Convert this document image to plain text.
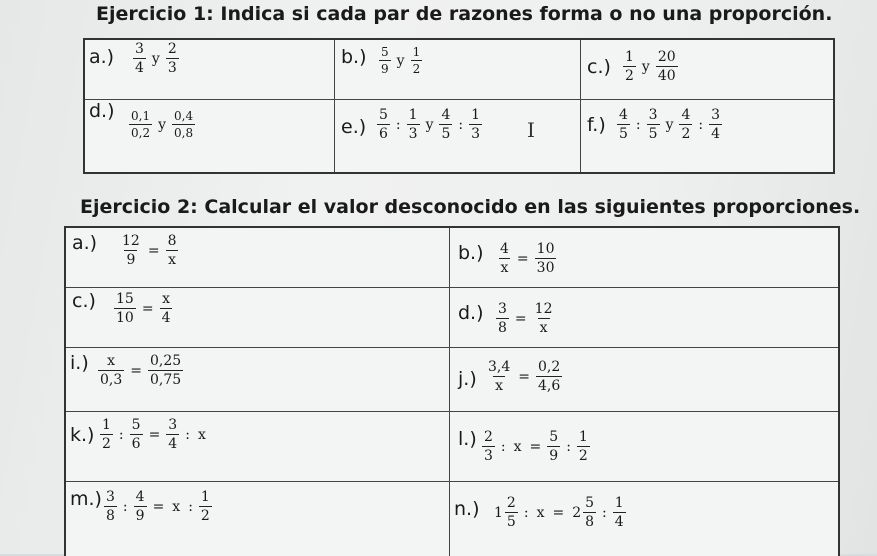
Ejercicio 1: Indica si cada par de razones forma o no una proporción.
$a.) \frac{3}{4}$ y $\frac{2}{3}$	$b.) \frac{5}{9}$ y $\frac{1}{2}$	$c.) \frac{1}{2}$ y $\frac{20}{40}$
$d.) \frac{0,1}{0,2}$ y $\frac{0,4}{0,8}$	$e.) \frac{5}{6}$ : $\frac{1}{3}$ y $\frac{4}{5}$ : $\frac{1}{3}$ I	$f.) \frac{4}{5}$ : $\frac{3}{5}$ y $\frac{4}{2}$ : $\frac{3}{4}$
Ejercicio 2: Calcular el valor desconocido en las siguientes proporciones.
$a.) \frac{12}{9} = \frac{8}{x}$	$b.) \frac{4}{x} = \frac{10}{30}$
$c.) \frac{15}{10} = \frac{x}{4}$	$d.) \frac{3}{8} = \frac{12}{x}$
$i.) \frac{x}{0,3} = \frac{0,25}{0,75}$	$j.) \frac{3,4}{x} = \frac{0,2}{4,6}$
$k.) \frac{1}{2}$ : $\frac{5}{6} = \frac{3}{4}$ : x	$l.) \frac{2}{3}$ : $x = \frac{5}{9}$ : $\frac{1}{2}$
$m.) \frac{3}{8}$ : $\frac{4}{9} = x$ : $\frac{1}{2}$	n.) $1 \frac{2}{5}$ : $x = 2 \frac{5}{8}$ : $\frac{1}{4}$
